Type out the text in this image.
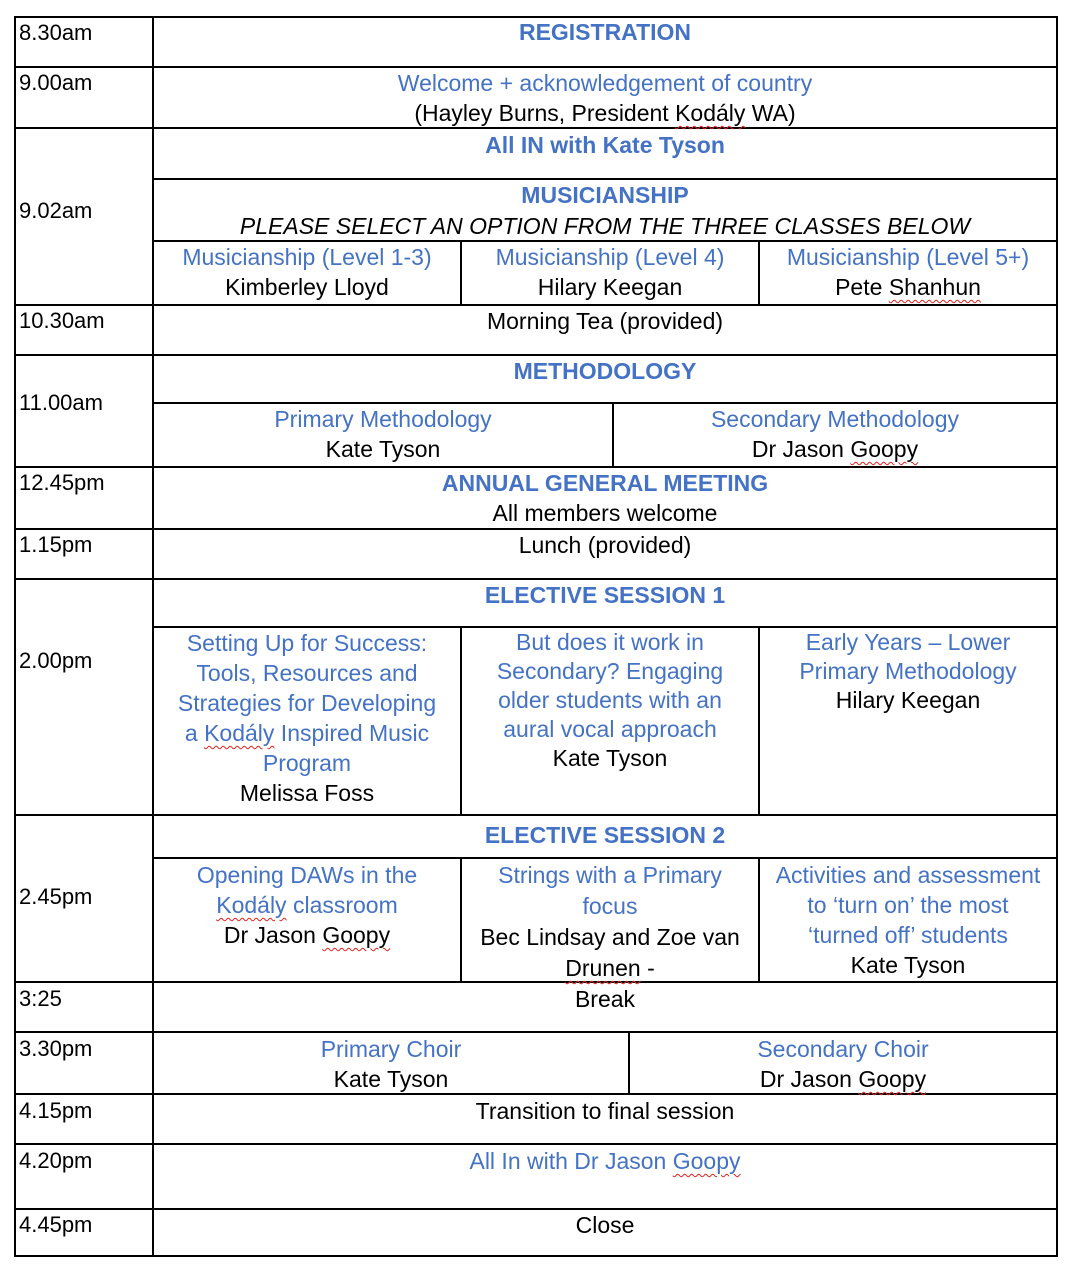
8.30am
9.00am
9.02am
10.30am
11.00am
12.45pm
1.15pm
2.00pm
2.45pm
3:25
3.30pm
4.15pm
4.20pm
4.45pm
REGISTRATION
Welcome + acknowledgement of country
(Hayley Burns, President Kodály WA)
All IN with Kate Tyson
MUSICIANSHIP
PLEASE SELECT AN OPTION FROM THE THREE CLASSES BELOW
Musicianship (Level 1-3)
Kimberley Lloyd
Musicianship (Level 4)
Hilary Keegan
Musicianship (Level 5+)
Pete Shanhun
Morning Tea (provided)
METHODOLOGY
Primary Methodology
Kate Tyson
Secondary Methodology
Dr Jason Goopy
ANNUAL GENERAL MEETING
All members welcome
Lunch (provided)
ELECTIVE SESSION 1
Setting Up for Success:
Tools, Resources and
Strategies for Developing
a Kodály Inspired Music
Program
Melissa Foss
But does it work in
Secondary? Engaging
older students with an
aural vocal approach
Kate Tyson
Early Years – Lower
Primary Methodology
Hilary Keegan
ELECTIVE SESSION 2
Opening DAWs in the
Kodály classroom
Dr Jason Goopy
Strings with a Primary
focus
Bec Lindsay and Zoe van
Drunen -
Activities and assessment
to ‘turn on’ the most
‘turned off’ students
Kate Tyson
Break
Primary Choir
Kate Tyson
Secondary Choir
Dr Jason Goopy
Transition to final session
All In with Dr Jason Goopy
Close
